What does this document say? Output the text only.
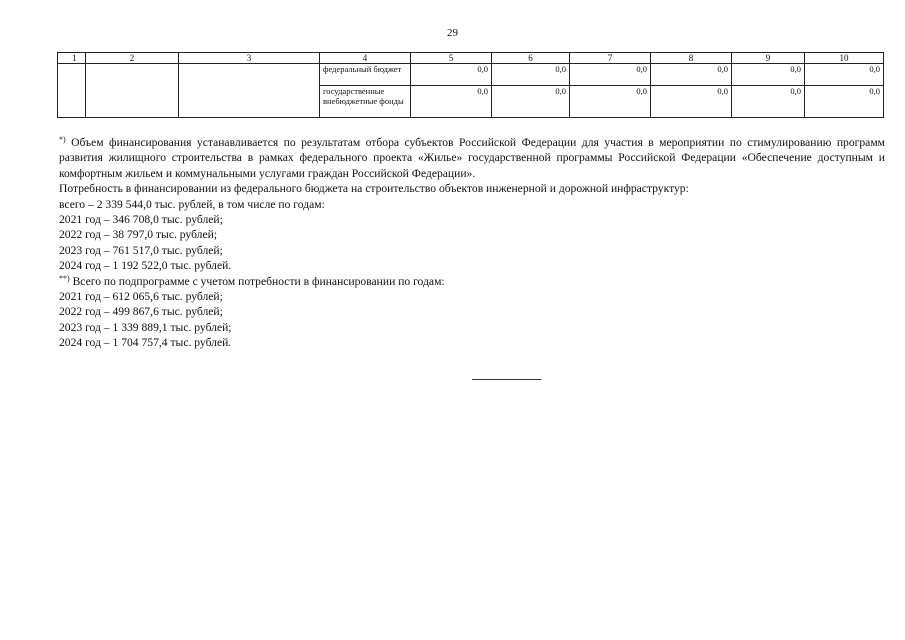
29
1	2	3	4	5	6	7	8	9	10
			федеральный бюджет	0,0	0,0	0,0	0,0	0,0	0,0
			государственные внебюджетные фонды	0,0	0,0	0,0	0,0	0,0	0,0

*) Объем финансирования устанавливается по результатам отбора субъектов Российской Федерации для участия в мероприятии по стимулированию программ развития жилищного строительства в рамках федерального проекта «Жилье» государственной программы Российской Федерации «Обеспечение доступным и комфортным жильем и коммунальными услугами граждан Российской Федерации».

Потребность в финансировании из федерального бюджета на строительство объектов инженерной и дорожной инфраструктур:

всего – 2 339 544,0 тыс. рублей, в том числе по годам:

2021 год – 346 708,0 тыс. рублей;

2022 год – 38 797,0 тыс. рублей;

2023 год – 761 517,0 тыс. рублей;

2024 год – 1 192 522,0 тыс. рублей.

**) Всего по подпрограмме с учетом потребности в финансировании по годам:

2021 год – 612 065,6 тыс. рублей;

2022 год – 499 867,6 тыс. рублей;

2023 год – 1 339 889,1 тыс. рублей;

2024 год – 1 704 757,4 тыс. рублей.
